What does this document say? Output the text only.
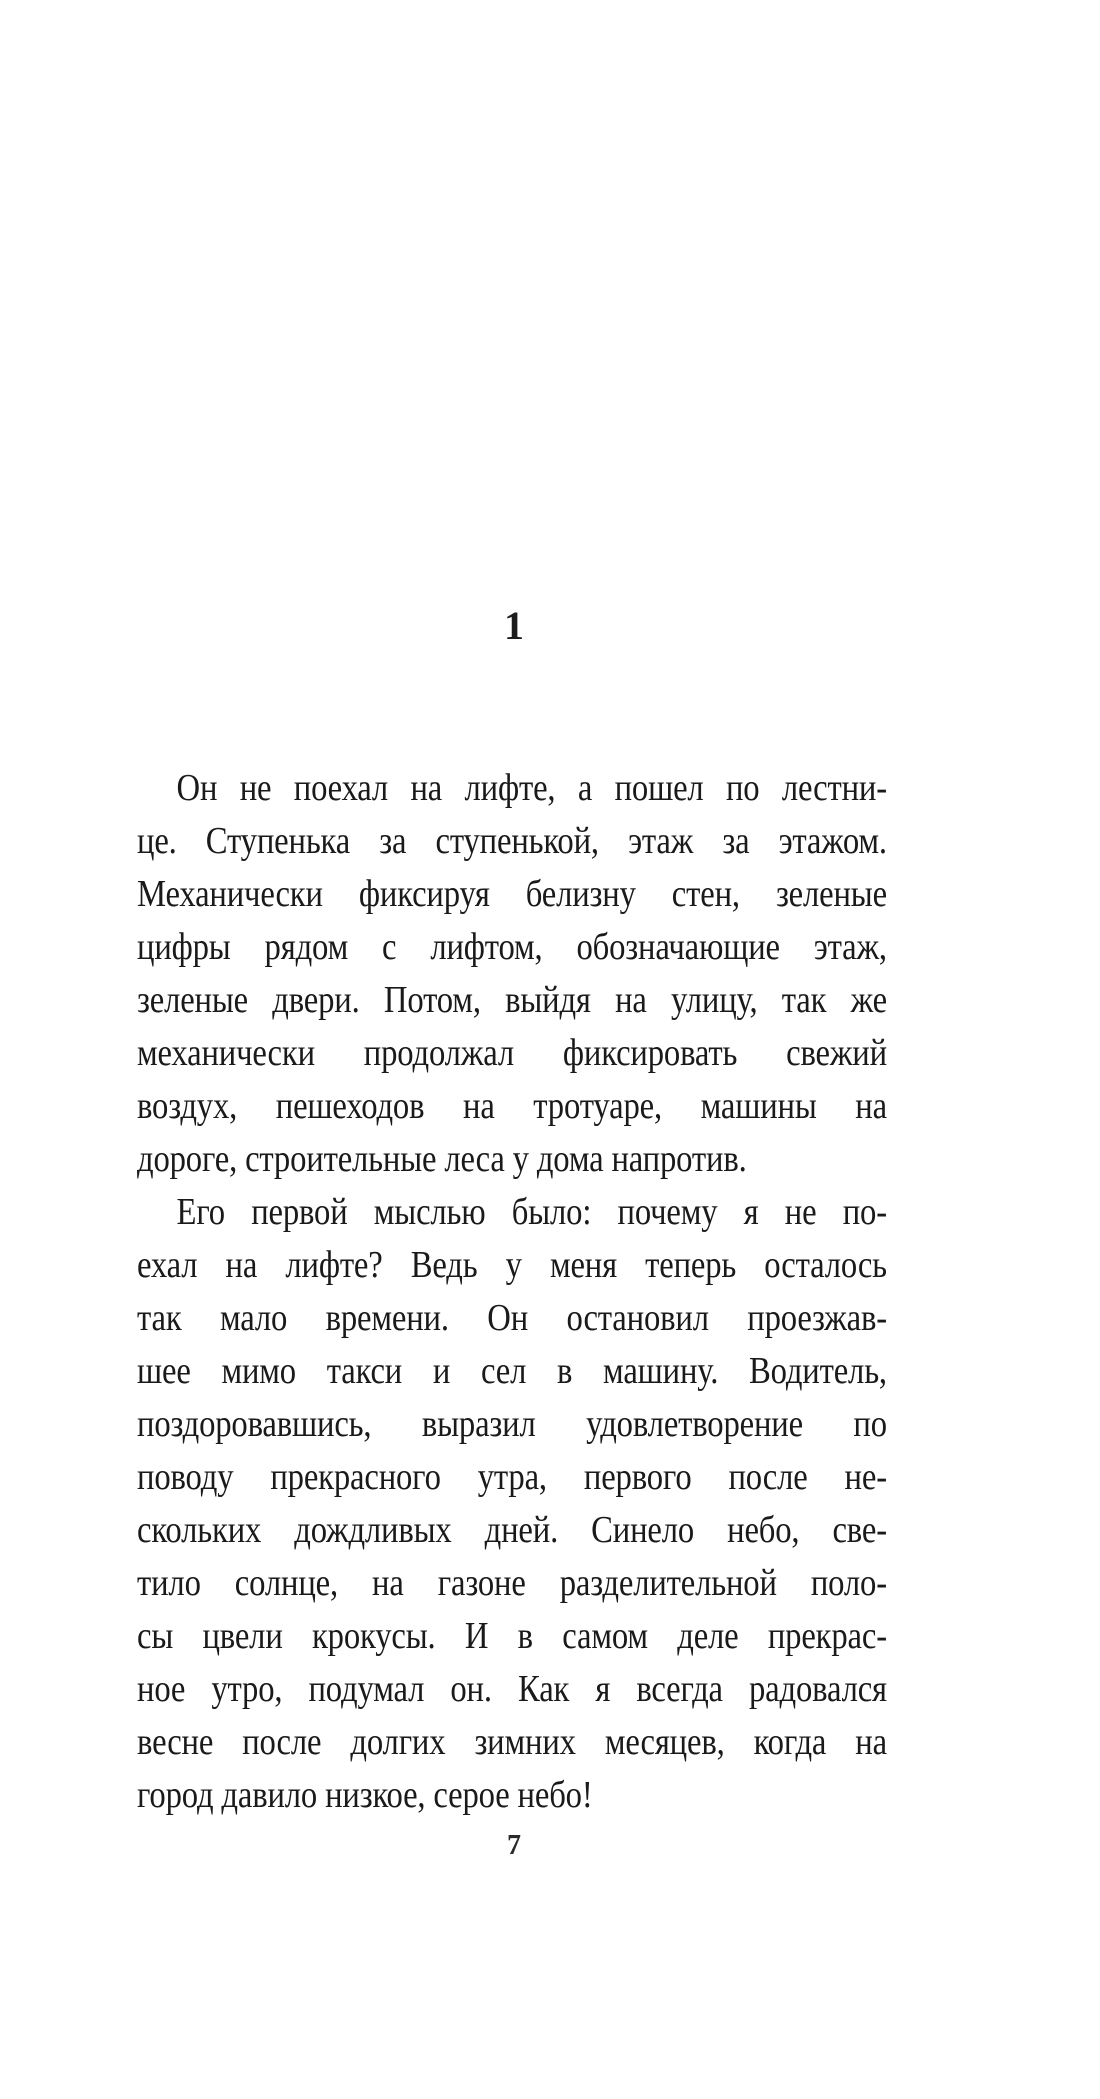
1
Он не поехал на лифте, а пошел по лестни-
це. Ступенька за ступенькой, этаж за этажом.
Механически фиксируя белизну стен, зеленые
цифры рядом с лифтом, обозначающие этаж,
зеленые двери. Потом, выйдя на улицу, так же
механически продолжал фиксировать свежий
воздух, пешеходов на тротуаре, машины на
дороге, строительные леса у дома напротив.
Его первой мыслью было: почему я не по-
ехал на лифте? Ведь у меня теперь осталось
так мало времени. Он остановил проезжав-
шее мимо такси и сел в машину. Водитель,
поздоровавшись, выразил удовлетворение по
поводу прекрасного утра, первого после не-
скольких дождливых дней. Синело небо, све-
тило солнце, на газоне разделительной поло-
сы цвели крокусы. И в самом деле прекрас-
ное утро, подумал он. Как я всегда радовался
весне после долгих зимних месяцев, когда на
город давило низкое, серое небо!
7
